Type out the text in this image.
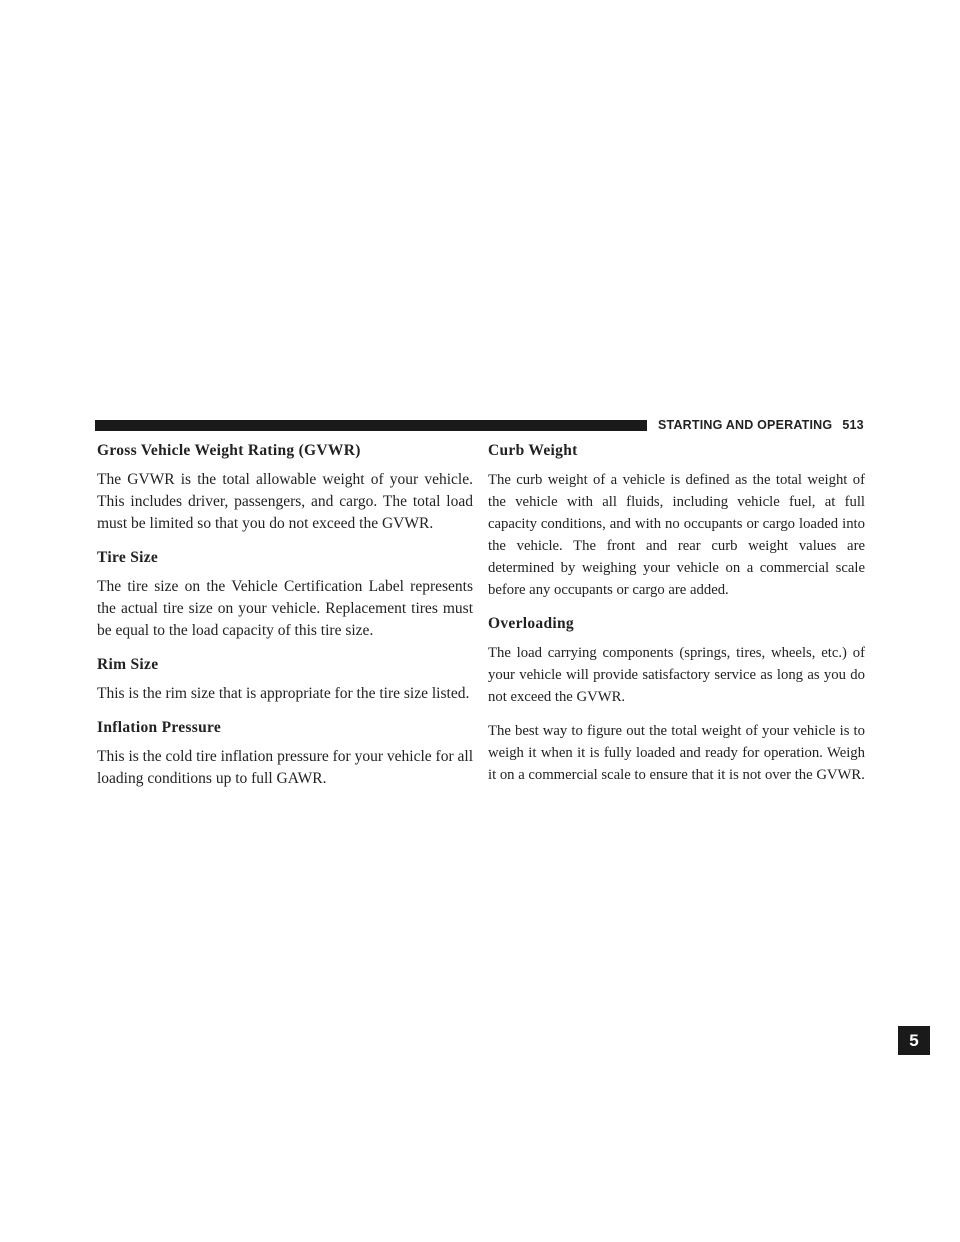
STARTING AND OPERATING 513
5
Gross Vehicle Weight Rating (GVWR)

The GVWR is the total allowable weight of your vehicle. This includes driver, passengers, and cargo. The total load must be limited so that you do not exceed the GVWR.

Tire Size

The tire size on the Vehicle Certification Label represents the actual tire size on your vehicle. Replacement tires must be equal to the load capacity of this tire size.

Rim Size

This is the rim size that is appropriate for the tire size listed.

Inflation Pressure

This is the cold tire inflation pressure for your vehicle for all loading conditions up to full GAWR.

Curb Weight

The curb weight of a vehicle is defined as the total weight of the vehicle with all fluids, including vehicle fuel, at full capacity conditions, and with no occupants or cargo loaded into the vehicle. The front and rear curb weight values are determined by weighing your vehicle on a commercial scale before any occupants or cargo are added.

Overloading

The load carrying components (springs, tires, wheels, etc.) of your vehicle will provide satisfactory service as long as you do not exceed the GVWR.

The best way to figure out the total weight of your vehicle is to weigh it when it is fully loaded and ready for operation. Weigh it on a commercial scale to ensure that it is not over the GVWR.
